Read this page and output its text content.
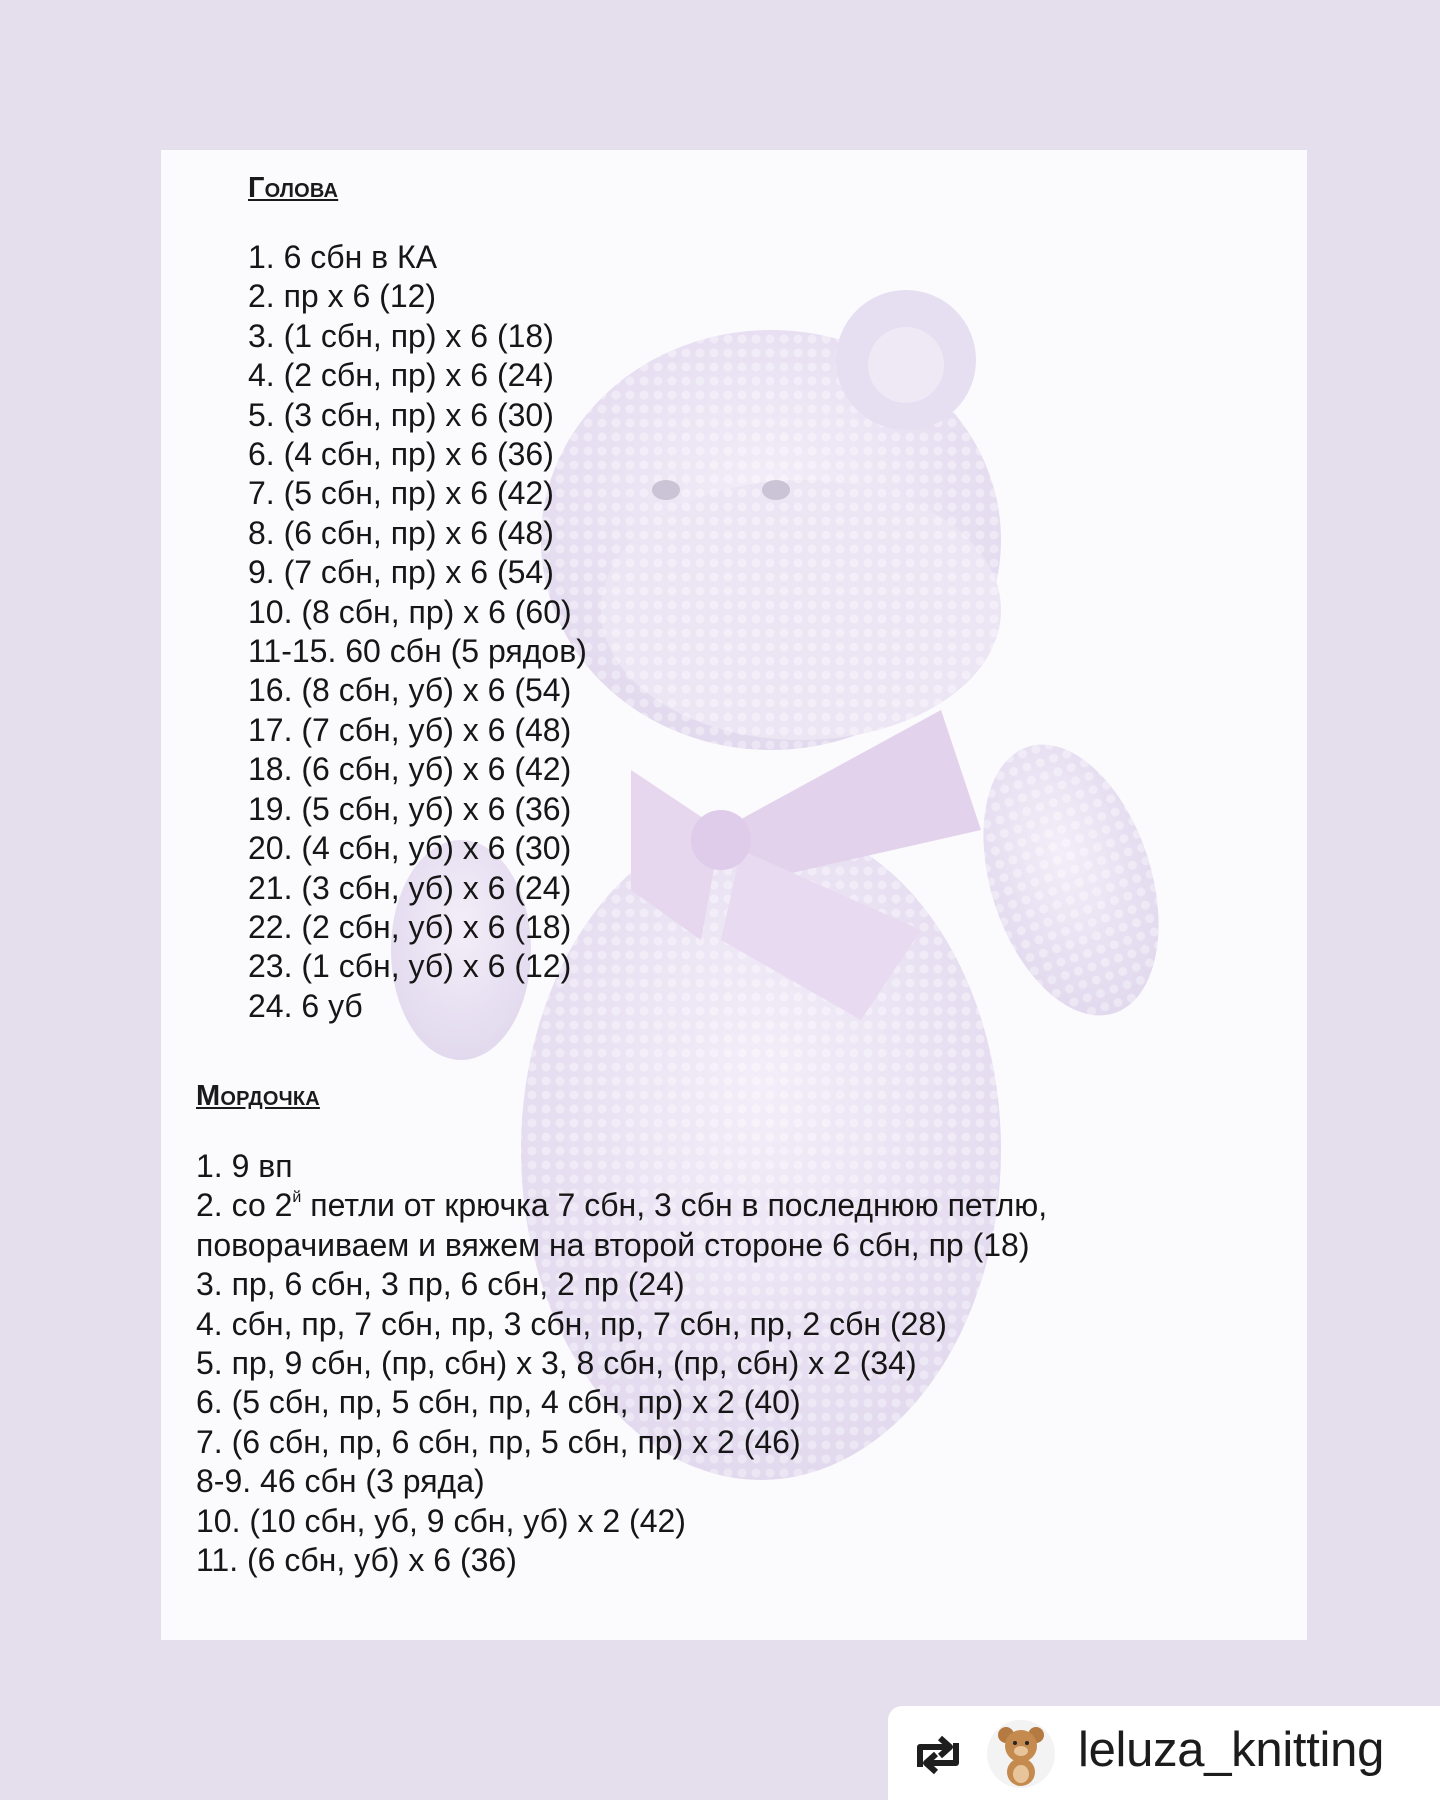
Голова
1. 6 сбн в КА
2. пр х 6 (12)
3. (1 сбн, пр) х 6 (18)
4. (2 сбн, пр) х 6 (24)
5. (3 сбн, пр) х 6 (30)
6. (4 сбн, пр) х 6 (36)
7. (5 сбн, пр) х 6 (42)
8. (6 сбн, пр) х 6 (48)
9. (7 сбн, пр) х 6 (54)
10. (8 сбн, пр) х 6 (60)
11-15. 60 сбн (5 рядов)
16. (8 сбн, уб) х 6 (54)
17. (7 сбн, уб) х 6 (48)
18. (6 сбн, уб) х 6 (42)
19. (5 сбн, уб) х 6 (36)
20. (4 сбн, уб) х 6 (30)
21. (3 сбн, уб) х 6 (24)
22. (2 сбн, уб) х 6 (18)
23. (1 сбн, уб) х 6 (12)
24. 6 уб
Мордочка
1. 9 вп
2. со $2^й$ петли от крючка 7 сбн, 3 сбн в последнюю петлю,
поворачиваем и вяжем на второй стороне 6 сбн, пр (18)
3. пр, 6 сбн, 3 пр, 6 сбн, 2 пр (24)
4. сбн, пр, 7 сбн, пр, 3 сбн, пр, 7 сбн, пр, 2 сбн (28)
5. пр, 9 сбн, (пр, сбн) х 3, 8 сбн, (пр, сбн) х 2 (34)
6. (5 сбн, пр, 5 сбн, пр, 4 сбн, пр) х 2 (40)
7. (6 сбн, пр, 6 сбн, пр, 5 сбн, пр) х 2 (46)
8-9. 46 сбн (3 ряда)
10. (10 сбн, уб, 9 сбн, уб) х 2 (42)
11. (6 сбн, уб) х 6 (36)
leluza_knitting
